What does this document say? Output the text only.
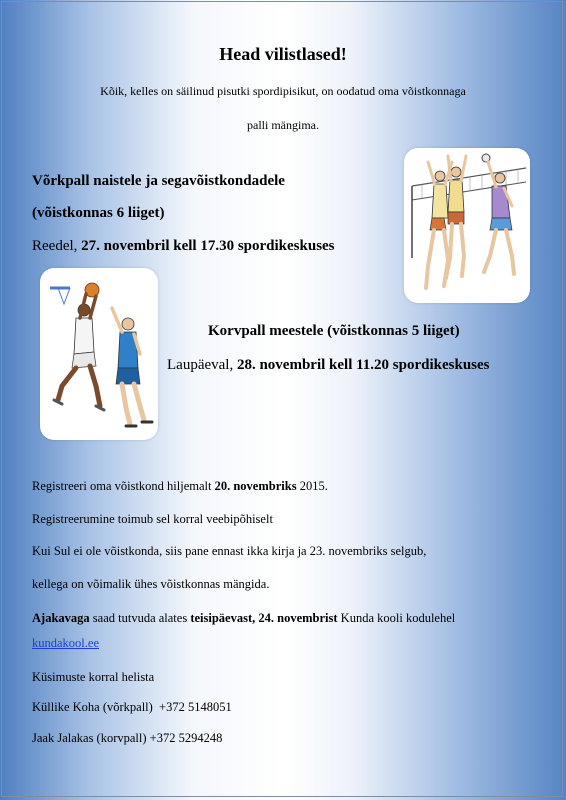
Head vilistlased!
Kõik, kelles on säilinud pisutki spordipisikut, on oodatud oma võistkonnaga
palli mängima.
Võrkpall naistele ja segavõistkondadele
(võistkonnas 6 liiget)
Reedel, 27. novembril kell 17.30 spordikeskuses
Korvpall meestele (võistkonnas 5 liiget)
Laupäeval, 28. novembril kell 11.20 spordikeskuses
Registreeri oma võistkond hiljemalt 20. novembriks 2015.
Registreerumine toimub sel korral veebipõhiselt
Kui Sul ei ole võistkonda, siis pane ennast ikka kirja ja 23. novembriks selgub,
kellega on võimalik ühes võistkonnas mängida.
Ajakavaga saad tutvuda alates teisipäevast, 24. novembrist Kunda kooli kodulehel
kundakool.ee
Küsimuste korral helista
Küllike Koha (võrkpall)  +372 5148051
Jaak Jalakas (korvpall) +372 5294248
